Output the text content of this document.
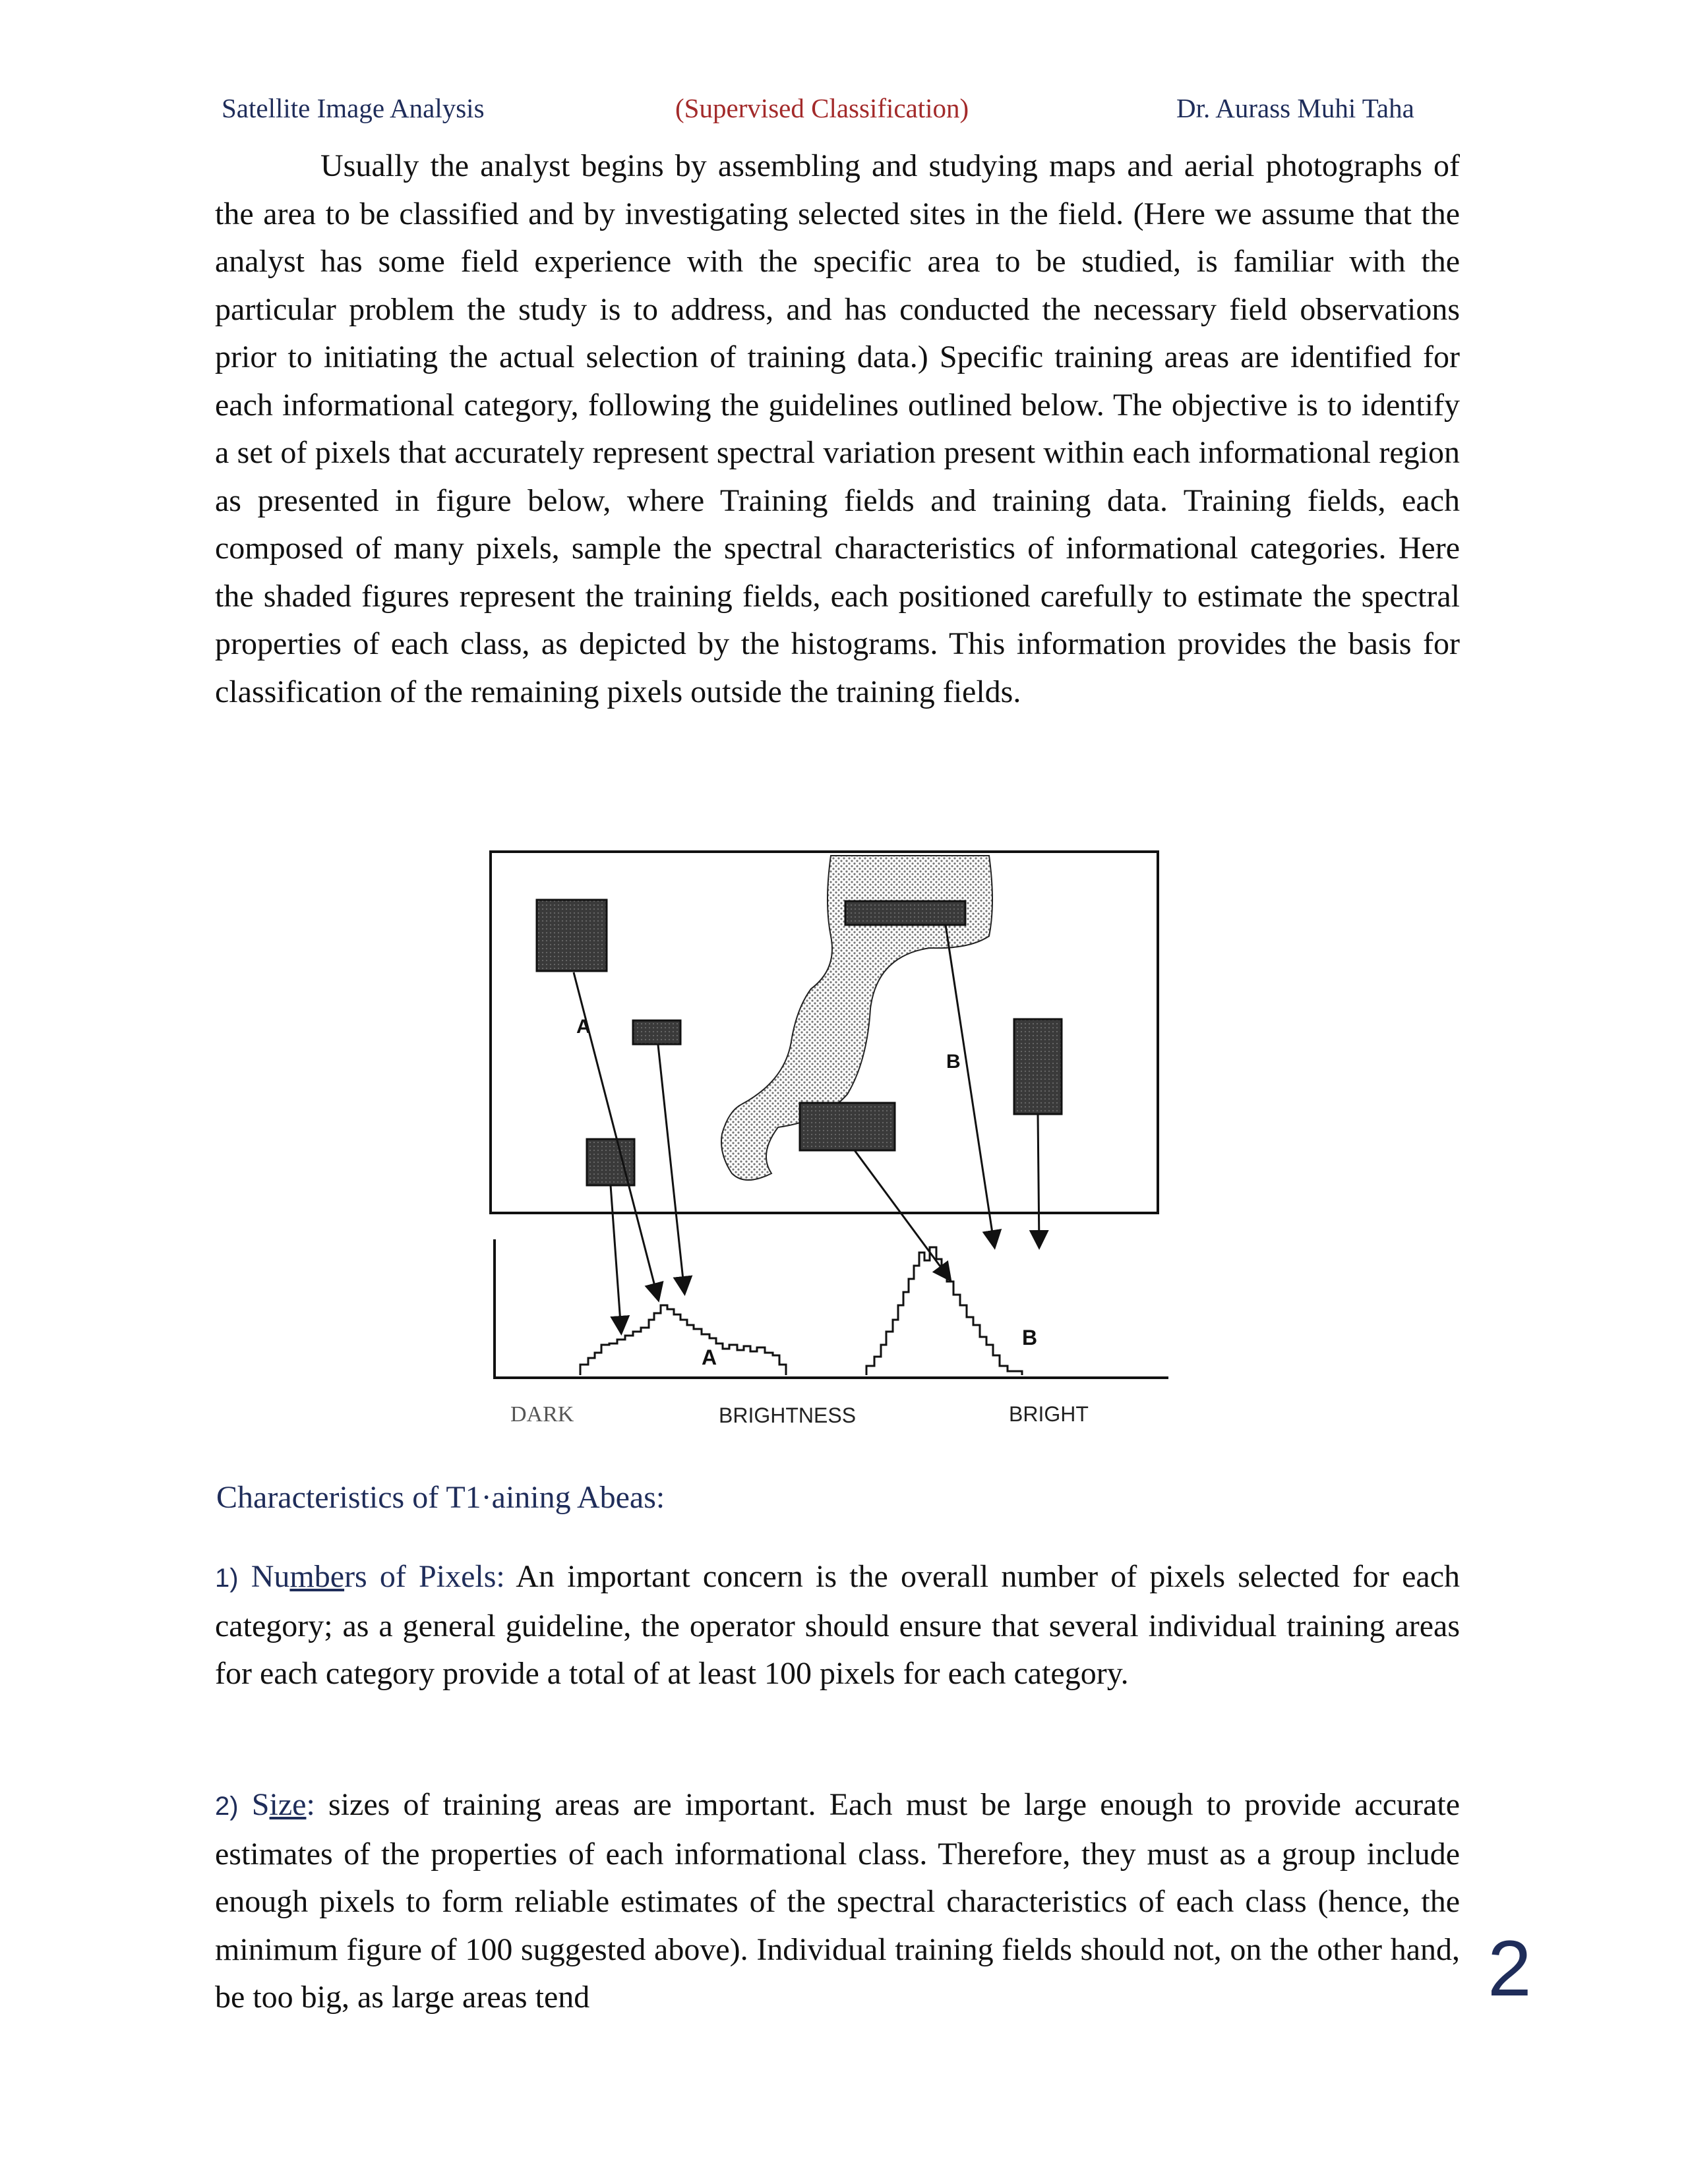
Satellite Image Analysis	(Supervised Classification)	Dr. Aurass Muhi Taha

Usually the analyst begins by assembling and studying maps and aerial photographs of the area to be classified and by investigating selected sites in the field. (Here we assume that the analyst has some field experience with the specific area to be studied, is familiar with the particular problem the study is to address, and has conducted the necessary field observations prior to initiating the actual selection of training data.) Specific training areas are identified for each informational category, following the guidelines outlined below. The objective is to identify a set of pixels that accurately represent spectral variation present within each informational region as presented in figure below, where Training fields and training data. Training fields, each composed of many pixels, sample the spectral characteristics of informational categories. Here the shaded figures represent the training fields, each positioned carefully to estimate the spectral properties of each class, as depicted by the histograms. This information provides the basis for classification of the remaining pixels outside the training fields.

A
B
A
B
DARK	BRIGHTNESS	BRIGHT

Characteristics of T1·aining Abeas:

1) Numbers of Pixels: An important concern is the overall number of pixels selected for each category; as a general guideline, the operator should ensure that several individual training areas for each category provide a total of at least 100 pixels for each category.

2) Size: sizes of training areas are important. Each must be large enough to provide accurate estimates of the properties of each informational class. Therefore, they must as a group include enough pixels to form reliable estimates of the spectral characteristics of each class (hence, the minimum figure of 100 suggested above). Individual training fields should not, on the other hand, be too big, as large areas tend	2
